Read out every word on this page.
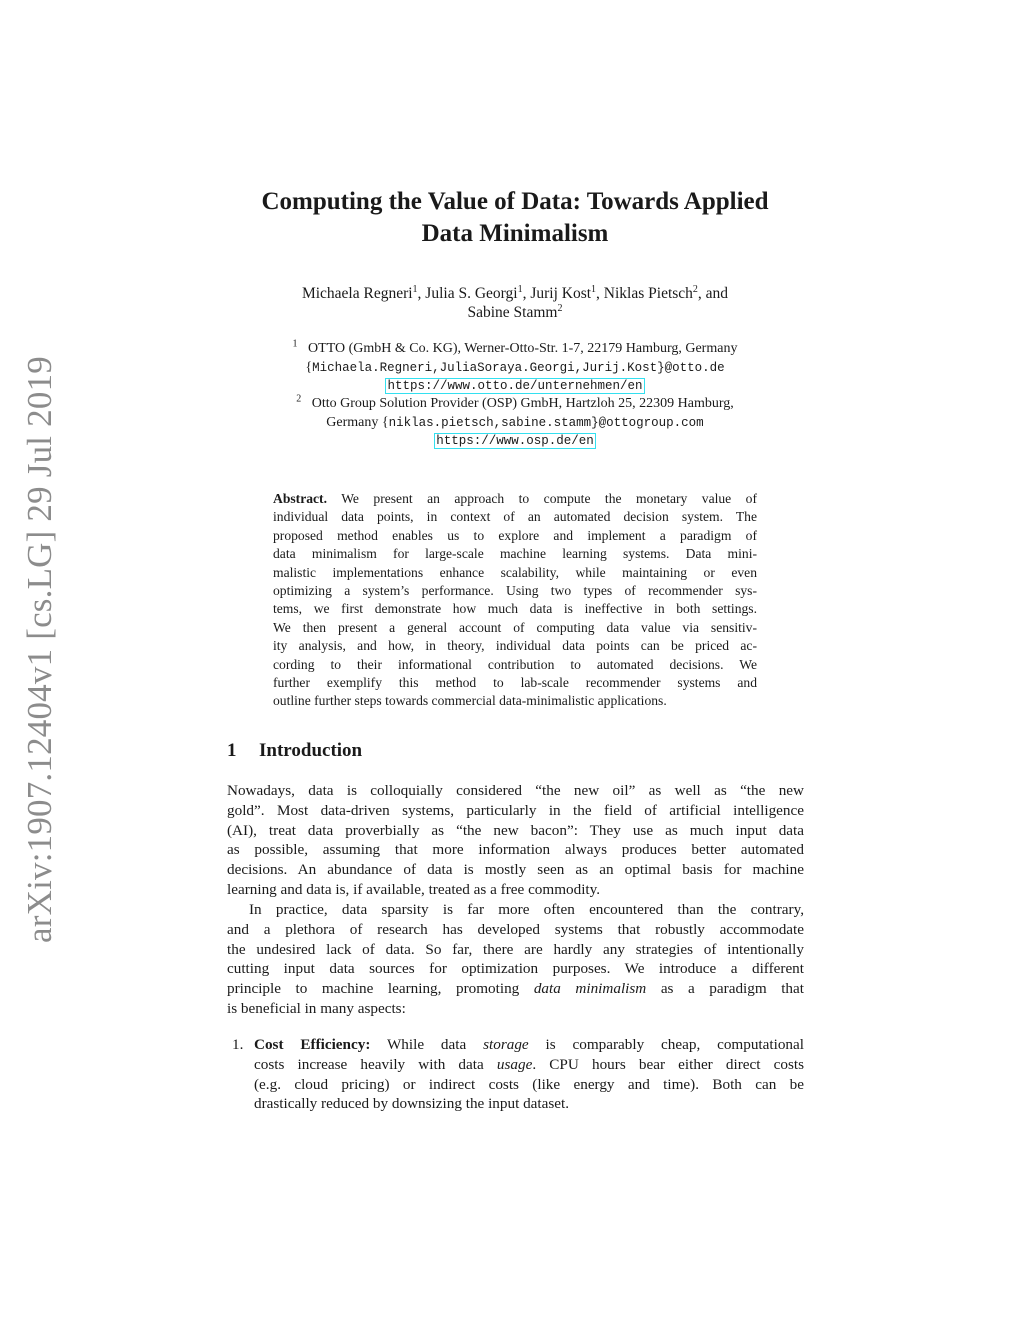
arXiv:1907.12404v1 [cs.LG] 29 Jul 2019
Computing the Value of Data: Towards Applied
Data Minimalism
Michaela Regneri$^1$, Julia S. Georgi$^1$, Jurij Kost$^1$, Niklas Pietsch$^2$, and
Sabine Stamm$^2$
$^1$ OTTO (GmbH & Co. KG), Werner-Otto-Str. 1-7, 22179 Hamburg, Germany
{Michaela.Regneri,JuliaSoraya.Georgi,Jurij.Kost}@otto.de
https://www.otto.de/unternehmen/en
$^2$ Otto Group Solution Provider (OSP) GmbH, Hartzloh 25, 22309 Hamburg,
Germany {niklas.pietsch,sabine.stamm}@ottogroup.com
https://www.osp.de/en
Abstract. We present an approach to compute the monetary value of
individual data points, in context of an automated decision system. The
proposed method enables us to explore and implement a paradigm of
data minimalism for large-scale machine learning systems. Data mini-
malistic implementations enhance scalability, while maintaining or even
optimizing a system’s performance. Using two types of recommender sys-
tems, we first demonstrate how much data is ineffective in both settings.
We then present a general account of computing data value via sensitiv-
ity analysis, and how, in theory, individual data points can be priced ac-
cording to their informational contribution to automated decisions. We
further exemplify this method to lab-scale recommender systems and
outline further steps towards commercial data-minimalistic applications.
1 Introduction
Nowadays, data is colloquially considered “the new oil” as well as “the new
gold”. Most data-driven systems, particularly in the field of artificial intelligence
(AI), treat data proverbially as “the new bacon”: They use as much input data
as possible, assuming that more information always produces better automated
decisions. An abundance of data is mostly seen as an optimal basis for machine
learning and data is, if available, treated as a free commodity.
In practice, data sparsity is far more often encountered than the contrary,
and a plethora of research has developed systems that robustly accommodate
the undesired lack of data. So far, there are hardly any strategies of intentionally
cutting input data sources for optimization purposes. We introduce a different
principle to machine learning, promoting data minimalism as a paradigm that
is beneficial in many aspects:
1. Cost Efficiency: While data storage is comparably cheap, computational
costs increase heavily with data usage. CPU hours bear either direct costs
(e.g. cloud pricing) or indirect costs (like energy and time). Both can be
drastically reduced by downsizing the input dataset.
